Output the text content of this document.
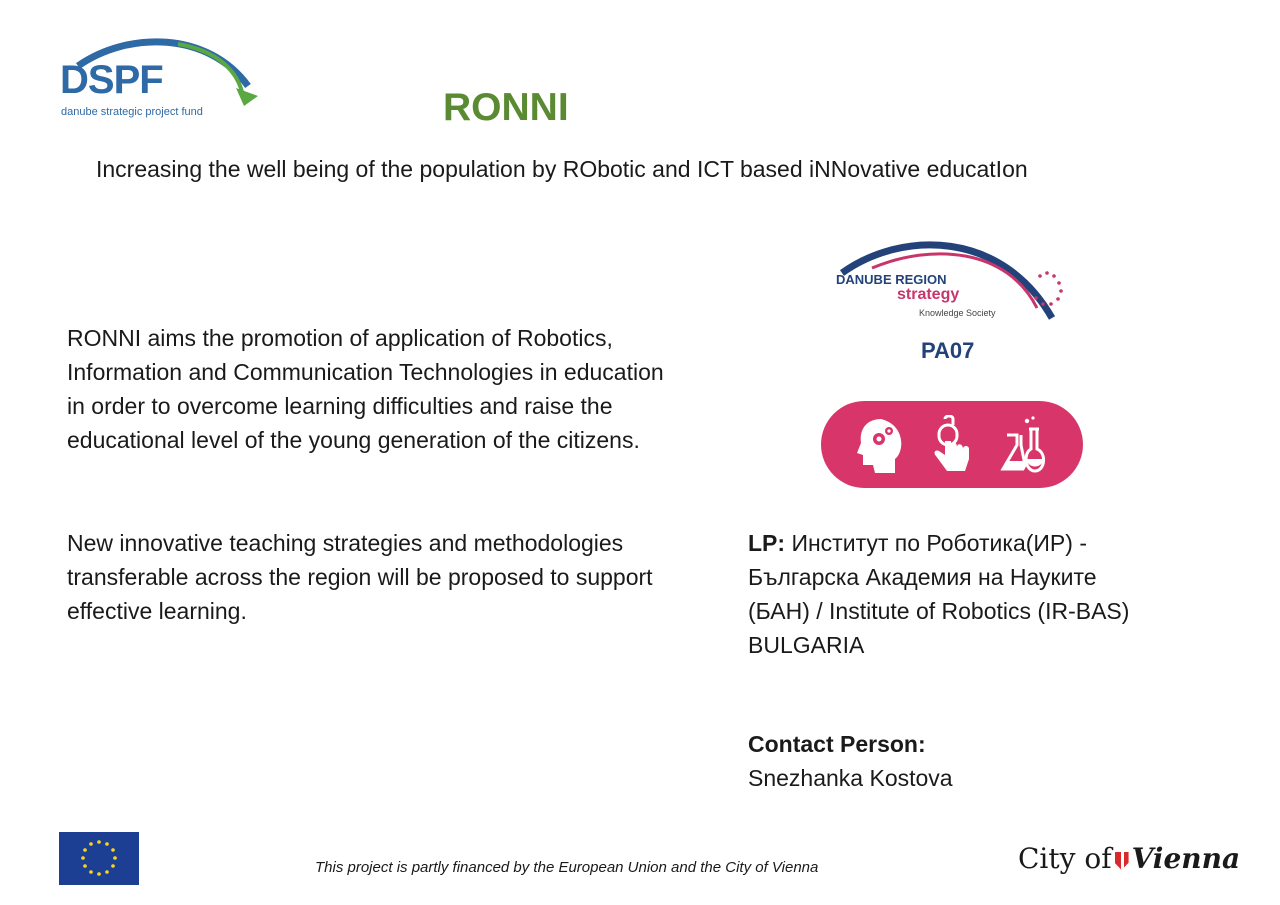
DSPF
danube strategic project fund	RONNI
Increasing the well being of the population by RObotic and ICT based iNNovative educatIon
RONNI aims the promotion of application of Robotics, Information and Communication Technologies in education in order to overcome learning difficulties and raise the educational level of the young generation of the citizens.
New innovative teaching strategies and methodologies transferable across the region will be proposed to support effective learning.
DANUBE REGION
strategy
Knowledge Society
PA07
LP: Институт по Роботика(ИР) - Българска Академия на Науките (БАН) / Institute of Robotics (IR-BAS)
BULGARIA
Contact Person:
Snezhanka Kostova
This project is partly financed by the European Union and the City of Vienna	City of Vienna
